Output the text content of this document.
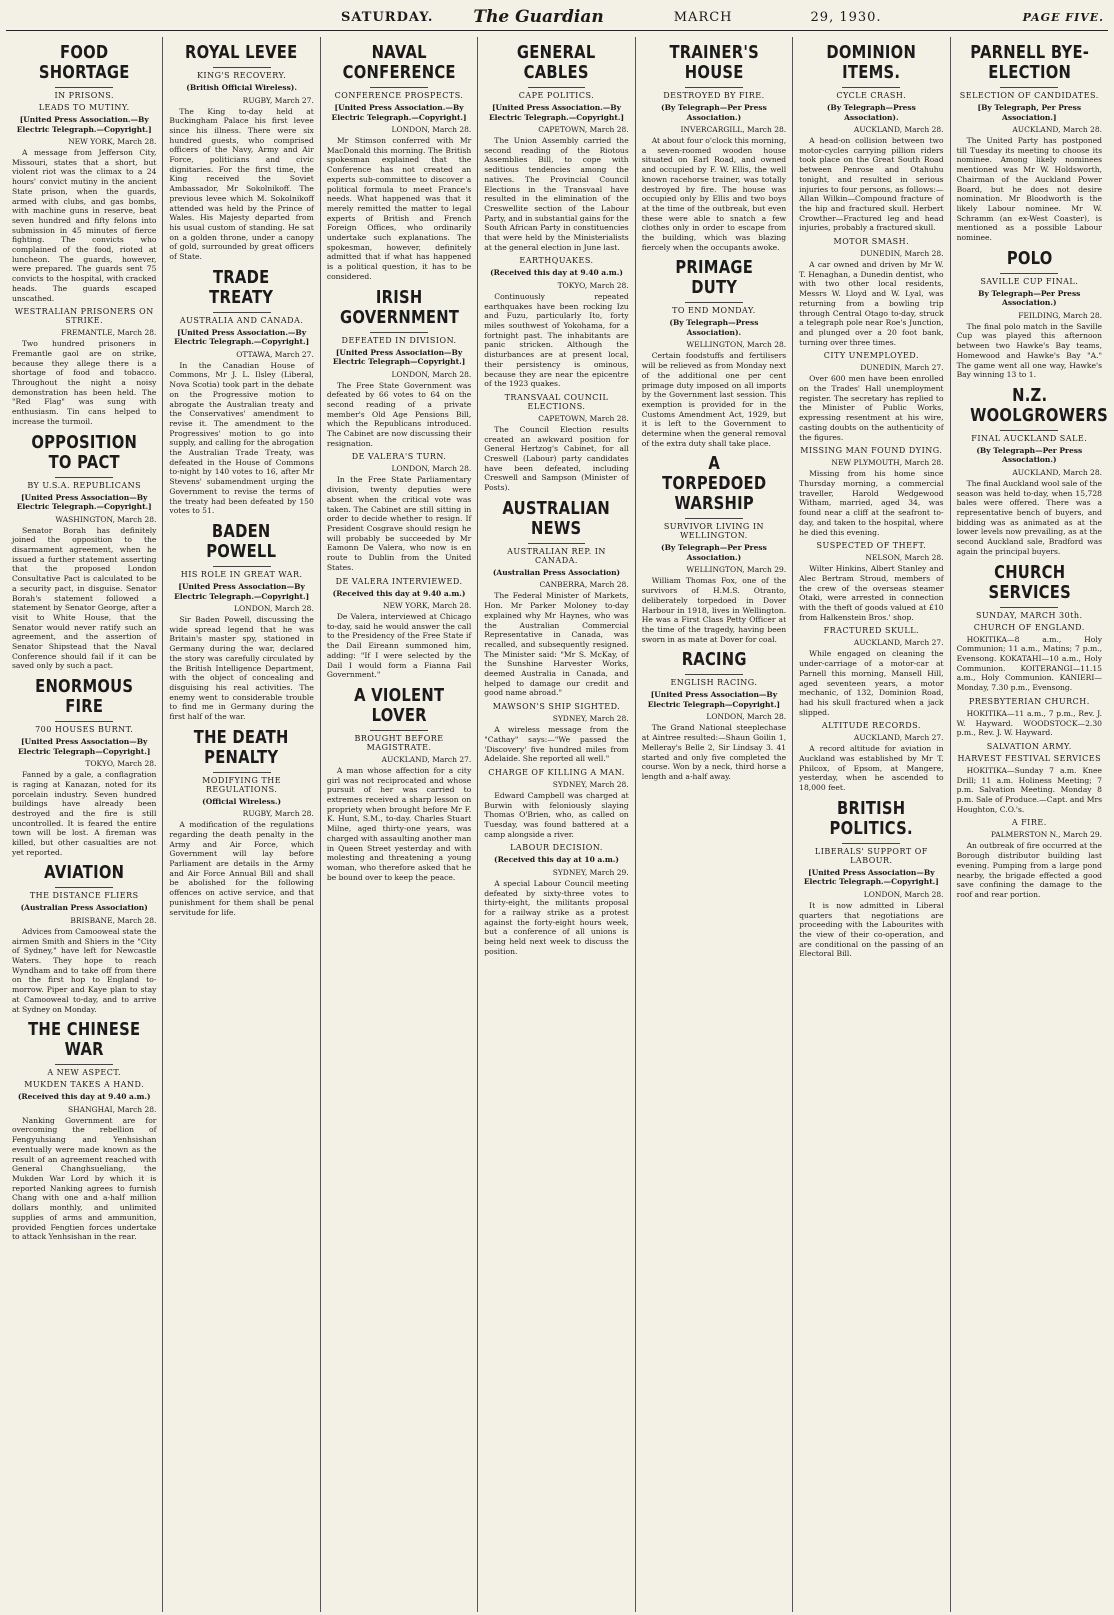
SATURDAY. The Guardian	MARCH	29, 1930.	PAGE FIVE.
FOOD SHORTAGE
IN PRISONS.
LEADS TO MUTINY.
[United Press Association.—By Electric Telegraph.—Copyright.]
NEW YORK, March 28.
A message from Jefferson City, Missouri, states that a short, but violent riot was the climax to a 24 hours' convict mutiny in the ancient State prison, when the guards, armed with clubs, and gas bombs, with machine guns in reserve, beat seven hundred and fifty felons into submission in 45 minutes of fierce fighting. The convicts who complained of the food, rioted at luncheon. The guards, however, were prepared. The guards sent 75 convicts to the hospital, with cracked heads. The guards escaped unscathed.
WESTRALIAN PRISONERS ON STRIKE.
FREMANTLE, March 28.
Two hundred prisoners in Fremantle gaol are on strike, because they allege there is a shortage of food and tobacco. Throughout the night a noisy demonstration has been held. The "Red Flag" was sung with enthusiasm. Tin cans helped to increase the turmoil.
OPPOSITION TO PACT
BY U.S.A. REPUBLICANS
[United Press Association—By Electric Telegraph.—Copyright.]
WASHINGTON, March 28.
Senator Borah has definitely joined the opposition to the disarmament agreement, when he issued a further statement asserting that the proposed London Consultative Pact is calculated to be a security pact, in disguise. Senator Borah's statement followed a statement by Senator George, after a visit to White House, that the Senator would never ratify such an agreement, and the assertion of Senator Shipstead that the Naval Conference should fail if it can be saved only by such a pact.
ENORMOUS FIRE
700 HOUSES BURNT.
[United Press Association—By Electric Telegraph—Copyright.]
TOKYO, March 28.
Fanned by a gale, a conflagration is raging at Kanazan, noted for its porcelain industry. Seven hundred buildings have already been destroyed and the fire is still uncontrolled. It is feared the entire town will be lost. A fireman was killed, but other casualties are not yet reported.
AVIATION
THE DISTANCE FLIERS
(Australian Press Association)
BRISBANE, March 28.
Advices from Camooweal state the airmen Smith and Shiers in the "City of Sydney," have left for Newcastle Waters. They hope to reach Wyndham and to take off from there on the first hop to England to-morrow. Piper and Kaye plan to stay at Camooweal to-day, and to arrive at Sydney on Monday.
THE CHINESE WAR
A NEW ASPECT.
MUKDEN TAKES A HAND.
(Received this day at 9.40 a.m.)
SHANGHAI, March 28.
Nanking Government are for overcoming the rebellion of Fengyuhsiang and Yenhsishan eventually were made known as the result of an agreement reached with General Changhsueliang, the Mukden War Lord by which it is reported Nanking agrees to furnish Chang with one and a-half million dollars monthly, and unlimited supplies of arms and ammunition, provided Fengtien forces undertake to attack Yenhsishan in the rear.
ROYAL LEVEE
KING'S RECOVERY.
(British Official Wireless).
RUGBY, March 27.
The King to-day held at Buckingham Palace his first levee since his illness. There were six hundred guests, who comprised officers of the Navy, Army and Air Force, politicians and civic dignitaries. For the first time, the King received the Soviet Ambassador, Mr Sokolnikoff. The previous levee which M. Sokolnikoff attended was held by the Prince of Wales. His Majesty departed from his usual custom of standing. He sat on a golden throne, under a canopy of gold, surrounded by great officers of State.
TRADE TREATY
AUSTRALIA AND CANADA.
[United Press Association.—By Electric Telegraph.—Copyright.]
OTTAWA, March 27.
In the Canadian House of Commons, Mr J. L. Ilsley (Liberal, Nova Scotia) took part in the debate on the Progressive motion to abrogate the Australian treaty and the Conservatives' amendment to revise it. The amendment to the Progressives' motion to go into supply, and calling for the abrogation the Australian Trade Treaty, was defeated in the House of Commons to-night by 140 votes to 16, after Mr Stevens' subamendment urging the Government to revise the terms of the treaty had been defeated by 150 votes to 51.
BADEN POWELL
HIS ROLE IN GREAT WAR.
[United Press Association—By Electric Telegraph.—Copyright.]
LONDON, March 28.
Sir Baden Powell, discussing the wide spread legend that he was Britain's master spy, stationed in Germany during the war, declared the story was carefully circulated by the British Intelligence Department, with the object of concealing and disguising his real activities. The enemy went to considerable trouble to find me in Germany during the first half of the war.
THE DEATH PENALTY
MODIFYING THE REGULATIONS.
(Official Wireless.)
RUGBY, March 28.
A modification of the regulations regarding the death penalty in the Army and Air Force, which Government will lay before Parliament are details in the Army and Air Force Annual Bill and shall be abolished for the following offences on active service, and that punishment for them shall be penal servitude for life.
NAVAL CONFERENCE
CONFERENCE PROSPECTS.
[United Press Association.—By Electric Telegraph.—Copyright.]
LONDON, March 28.
Mr Stimson conferred with Mr MacDonald this morning. The British spokesman explained that the Conference has not created an experts sub-committee to discover a political formula to meet France's needs. What happened was that it merely remitted the matter to legal experts of British and French Foreign Offices, who ordinarily undertake such explanations. The spokesman, however, definitely admitted that if what has happened is a political question, it has to be considered.
IRISH GOVERNMENT
DEFEATED IN DIVISION.
[United Press Association—By Electric Telegraph—Copyright.]
LONDON, March 28.
The Free State Government was defeated by 66 votes to 64 on the second reading of a private member's Old Age Pensions Bill, which the Republicans introduced. The Cabinet are now discussing their resignation.
DE VALERA'S TURN.
LONDON, March 28.
In the Free State Parliamentary division, twenty deputies were absent when the critical vote was taken. The Cabinet are still sitting in order to decide whether to resign. If President Cosgrave should resign he will probably be succeeded by Mr Eamonn De Valera, who now is en route to Dublin from the United States.
DE VALERA INTERVIEWED.
(Received this day at 9.40 a.m.)
NEW YORK, March 28.
De Valera, interviewed at Chicago to-day, said he would answer the call to the Presidency of the Free State if the Dail Eireann summoned him, adding: "If I were selected by the Dail I would form a Fianna Fail Government."
A VIOLENT LOVER
BROUGHT BEFORE MAGISTRATE.
AUCKLAND, March 27.
A man whose affection for a city girl was not reciprocated and whose pursuit of her was carried to extremes received a sharp lesson on propriety when brought before Mr F. K. Hunt, S.M., to-day. Charles Stuart Milne, aged thirty-one years, was charged with assaulting another man in Queen Street yesterday and with molesting and threatening a young woman, who therefore asked that he be bound over to keep the peace.
GENERAL CABLES
CAPE POLITICS.
[United Press Association.—By Electric Telegraph.—Copyright.]
CAPETOWN, March 28.
The Union Assembly carried the second reading of the Riotous Assemblies Bill, to cope with seditious tendencies among the natives. The Provincial Council Elections in the Transvaal have resulted in the elimination of the Creswellite section of the Labour Party, and in substantial gains for the South African Party in constituencies that were held by the Ministerialists at the general election in June last.
EARTHQUAKES.
(Received this day at 9.40 a.m.)
TOKYO, March 28.
Continuously repeated earthquakes have been rocking Izu and Fuzu, particularly Ito, forty miles southwest of Yokohama, for a fortnight past. The inhabitants are panic stricken. Although the disturbances are at present local, their persistency is ominous, because they are near the epicentre of the 1923 quakes.
TRANSVAAL COUNCIL ELECTIONS.
CAPETOWN, March 28.
The Council Election results created an awkward position for General Hertzog's Cabinet, for all Creswell (Labour) party candidates have been defeated, including Creswell and Sampson (Minister of Posts).
AUSTRALIAN NEWS
AUSTRALIAN REP. IN CANADA.
(Australian Press Association)
CANBERRA, March 28.
The Federal Minister of Markets, Hon. Mr Parker Moloney to-day explained why Mr Haynes, who was the Australian Commercial Representative in Canada, was recalled, and subsequently resigned. The Minister said: "Mr S. McKay, of the Sunshine Harvester Works, deemed Australia in Canada, and helped to damage our credit and good name abroad."
MAWSON'S SHIP SIGHTED.
SYDNEY, March 28.
A wireless message from the "Cathay" says:—"We passed the 'Discovery' five hundred miles from Adelaide. She reported all well."
CHARGE OF KILLING A MAN.
SYDNEY, March 28.
Edward Campbell was charged at Burwin with feloniously slaying Thomas O'Brien, who, as called on Tuesday, was found battered at a camp alongside a river.
LABOUR DECISION.
(Received this day at 10 a.m.)
SYDNEY, March 29.
A special Labour Council meeting defeated by sixty-three votes to thirty-eight, the militants proposal for a railway strike as a protest against the forty-eight hours week, but a conference of all unions is being held next week to discuss the position.
TRAINER'S HOUSE
DESTROYED BY FIRE.
(By Telegraph—Per Press Association.)
INVERCARGILL, March 28.
At about four o'clock this morning, a seven-roomed wooden house situated on Earl Road, and owned and occupied by F. W. Ellis, the well known racehorse trainer, was totally destroyed by fire. The house was occupied only by Ellis and two boys at the time of the outbreak, but even these were able to snatch a few clothes only in order to escape from the building, which was blazing fiercely when the occupants awoke.
PRIMAGE DUTY
TO END MONDAY.
(By Telegraph—Press Association).
WELLINGTON, March 28.
Certain foodstuffs and fertilisers will be relieved as from Monday next of the additional one per cent primage duty imposed on all imports by the Government last session. This exemption is provided for in the Customs Amendment Act, 1929, but it is left to the Government to determine when the general removal of the extra duty shall take place.
A TORPEDOED WARSHIP
SURVIVOR LIVING IN WELLINGTON.
(By Telegraph—Per Press Association.)
WELLINGTON, March 29.
William Thomas Fox, one of the survivors of H.M.S. Otranto, deliberately torpedoed in Dover Harbour in 1918, lives in Wellington. He was a First Class Petty Officer at the time of the tragedy, having been sworn in as mate at Dover for coal.
RACING
ENGLISH RACING.
[United Press Association—By Electric Telegraph—Copyright.]
LONDON, March 28.
The Grand National steeplechase at Aintree resulted:—Shaun Goilin 1, Melleray's Belle 2, Sir Lindsay 3. 41 started and only five completed the course. Won by a neck, third horse a length and a-half away.
DOMINION ITEMS.
CYCLE CRASH.
(By Telegraph—Press Association).
AUCKLAND, March 28.
A head-on collision between two motor-cycles carrying pillion riders took place on the Great South Road between Penrose and Otahuhu tonight, and resulted in serious injuries to four persons, as follows:—Allan Wilkin—Compound fracture of the hip and fractured skull. Herbert Crowther—Fractured leg and head injuries, probably a fractured skull.
MOTOR SMASH.
DUNEDIN, March 28.
A car owned and driven by Mr W. T. Henaghan, a Dunedin dentist, who with two other local residents, Messrs W. Lloyd and W. Lyal, was returning from a bowling trip through Central Otago to-day, struck a telegraph pole near Roe's Junction, and plunged over a 20 foot bank, turning over three times.
CITY UNEMPLOYED.
DUNEDIN, March 27.
Over 600 men have been enrolled on the Trades' Hall unemployment register. The secretary has replied to the Minister of Public Works, expressing resentment at his wire, casting doubts on the authenticity of the figures.
MISSING MAN FOUND DYING.
NEW PLYMOUTH, March 28.
Missing from his home since Thursday morning, a commercial traveller, Harold Wedgewood Witham, married, aged 34, was found near a cliff at the seafront to-day, and taken to the hospital, where he died this evening.
SUSPECTED OF THEFT.
NELSON, March 28.
Wilter Hinkins, Albert Stanley and Alec Bertram Stroud, members of the crew of the overseas steamer Otaki, were arrested in connection with the theft of goods valued at £10 from Halkenstein Bros.' shop.
FRACTURED SKULL.
AUCKLAND, March 27.
While engaged on cleaning the under-carriage of a motor-car at Parnell this morning, Mansell Hill, aged seventeen years, a motor mechanic, of 132, Dominion Road, had his skull fractured when a jack slipped.
ALTITUDE RECORDS.
AUCKLAND, March 27.
A record altitude for aviation in Auckland was established by Mr T. Philcox, of Epsom, at Mangere, yesterday, when he ascended to 18,000 feet.
BRITISH POLITICS.
LIBERALS' SUPPORT OF LABOUR.
[United Press Association—By Electric Telegraph.—Copyright.]
LONDON, March 28.
It is now admitted in Liberal quarters that negotiations are proceeding with the Labourites with the view of their co-operation, and are conditional on the passing of an Electoral Bill.
PARNELL BYE-ELECTION
SELECTION OF CANDIDATES.
[By Telegraph, Per Press Association.]
AUCKLAND, March 28.
The United Party has postponed till Tuesday its meeting to choose its nominee. Among likely nominees mentioned was Mr W. Holdsworth, Chairman of the Auckland Power Board, but he does not desire nomination. Mr Bloodworth is the likely Labour nominee. Mr W. Schramm (an ex-West Coaster), is mentioned as a possible Labour nominee.
POLO
SAVILLE CUP FINAL.
By Telegraph—Per Press Association.)
FEILDING, March 28.
The final polo match in the Saville Cup was played this afternoon between two Hawke's Bay teams, Homewood and Hawke's Bay "A." The game went all one way, Hawke's Bay winning 13 to 1.
N.Z. WOOLGROWERS
FINAL AUCKLAND SALE.
(By Telegraph—Per Press Association.)
AUCKLAND, March 28.
The final Auckland wool sale of the season was held to-day, when 15,728 bales were offered. There was a representative bench of buyers, and bidding was as animated as at the lower levels now prevailing, as at the second Auckland sale, Bradford was again the principal buyers.
CHURCH SERVICES
SUNDAY, MARCH 30th.
CHURCH OF ENGLAND.
HOKITIKA—8 a.m., Holy Communion; 11 a.m., Matins; 7 p.m., Evensong. KOKATAHI—10 a.m., Holy Communion. KOITERANGI—11.15 a.m., Holy Communion. KANIERI—Monday, 7.30 p.m., Evensong.
PRESBYTERIAN CHURCH.
HOKITIKA—11 a.m., 7 p.m., Rev. J. W. Hayward. WOODSTOCK—2.30 p.m., Rev. J. W. Hayward.
SALVATION ARMY.
HARVEST FESTIVAL SERVICES
HOKITIKA—Sunday 7 a.m. Knee Drill; 11 a.m. Holiness Meeting; 7 p.m. Salvation Meeting. Monday 8 p.m. Sale of Produce.—Capt. and Mrs Houghton, C.O.'s.
A FIRE.
PALMERSTON N., March 29.
An outbreak of fire occurred at the Borough distributor building last evening. Pumping from a large pond nearby, the brigade effected a good save confining the damage to the roof and rear portion.
